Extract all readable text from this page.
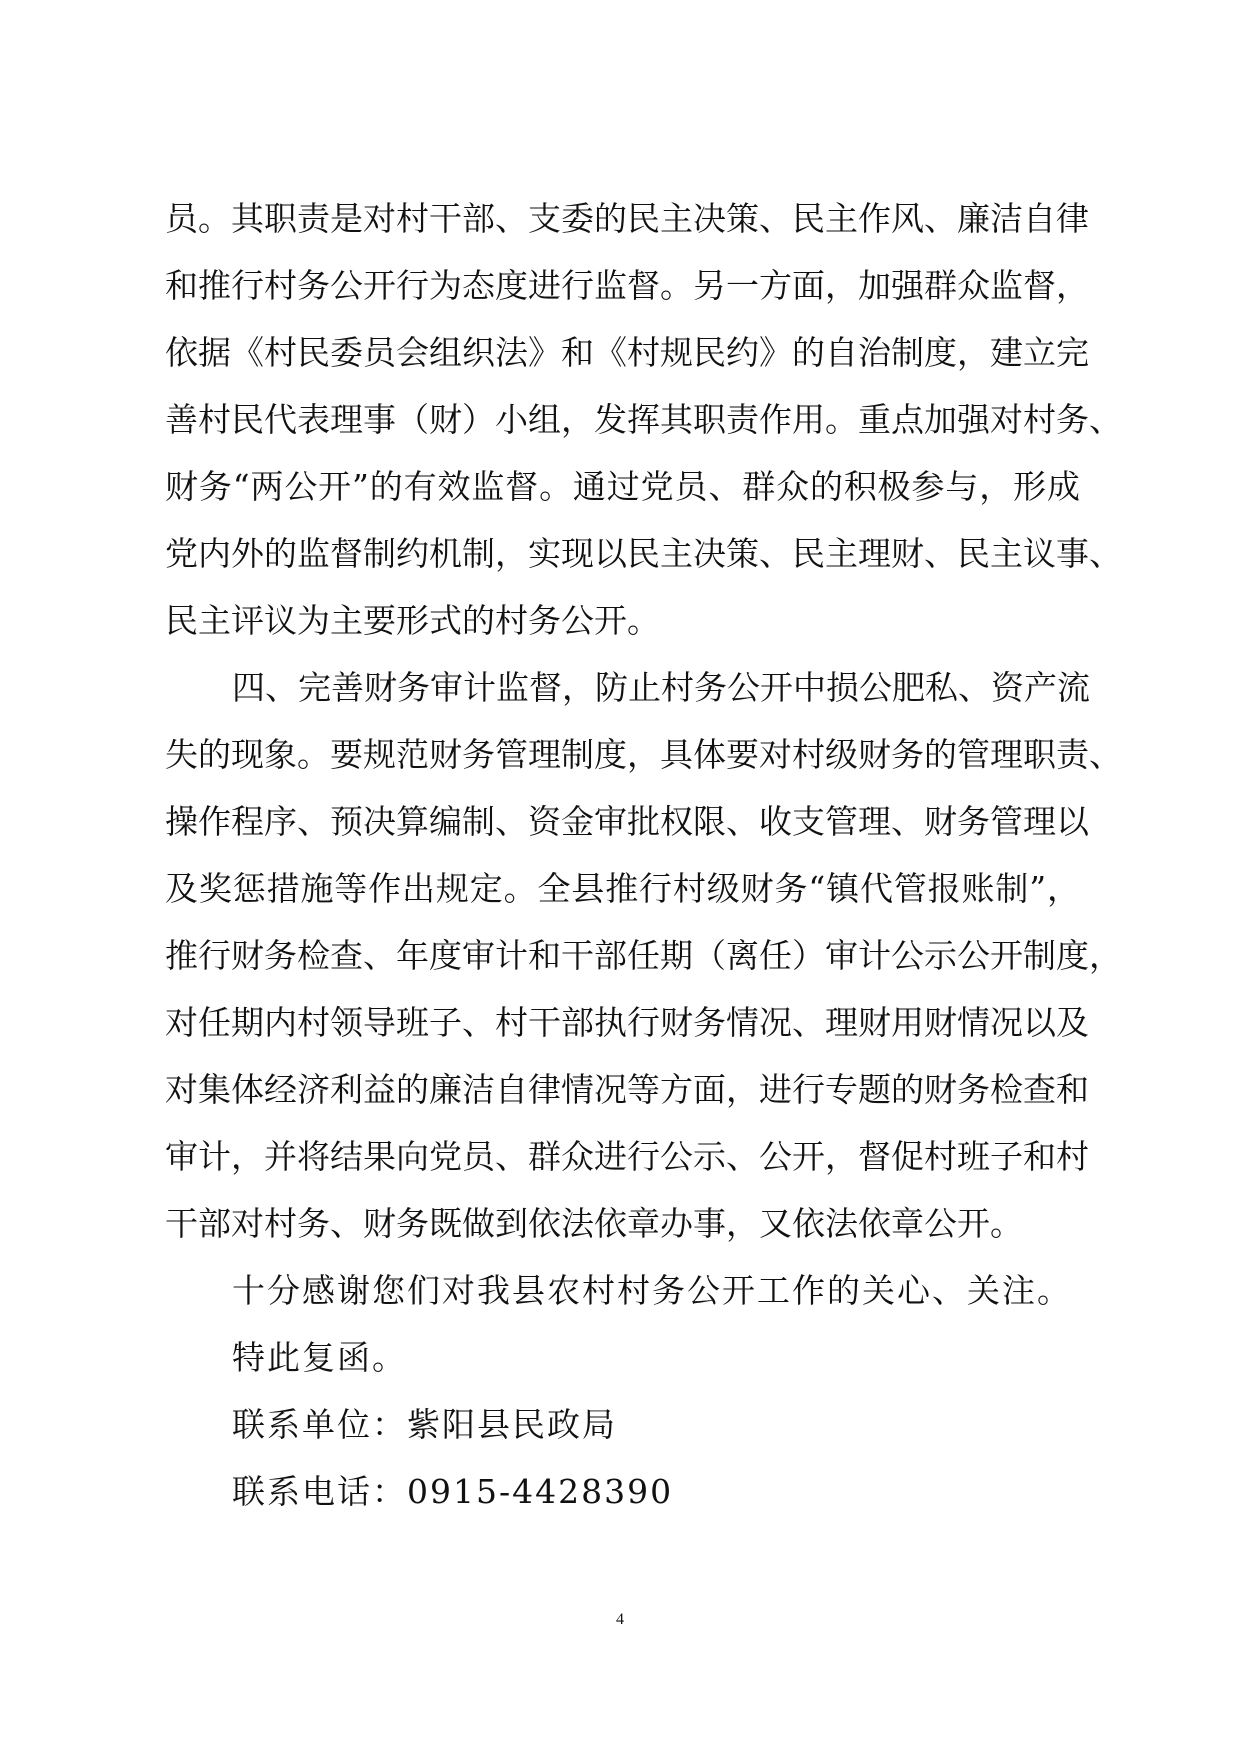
员。其职责是对村干部、支委的民主决策、民主作风、廉洁自律
和推行村务公开行为态度进行监督。另一方面，加强群众监督，
依据《村民委员会组织法》和《村规民约》的自治制度，建立完
善村民代表理事（财）小组，发挥其职责作用。重点加强对村务、
财务“两公开”的有效监督。通过党员、群众的积极参与，形成
党内外的监督制约机制，实现以民主决策、民主理财、民主议事、
民主评议为主要形式的村务公开。
四、完善财务审计监督，防止村务公开中损公肥私、资产流
失的现象。要规范财务管理制度，具体要对村级财务的管理职责、
操作程序、预决算编制、资金审批权限、收支管理、财务管理以
及奖惩措施等作出规定。全县推行村级财务“镇代管报账制”，
推行财务检查、年度审计和干部任期（离任）审计公示公开制度，
对任期内村领导班子、村干部执行财务情况、理财用财情况以及
对集体经济利益的廉洁自律情况等方面，进行专题的财务检查和
审计，并将结果向党员、群众进行公示、公开，督促村班子和村
干部对村务、财务既做到依法依章办事，又依法依章公开。
十分感谢您们对我县农村村务公开工作的关心、关注。
特此复函。
联系单位：紫阳县民政局
联系电话：0915-4428390
4
